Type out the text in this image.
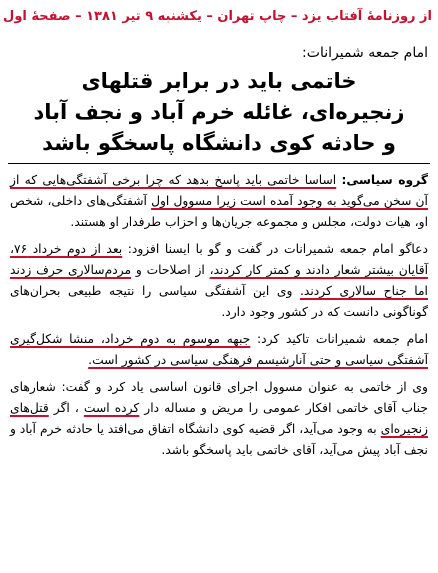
از روزنامهٔ آفتاب یزد – چاپ تهران – یکشنبه ۹ تیر ۱۳۸۱ – صفحهٔ اول
امام جمعه شمیرانات:
خاتمی باید در برابر قتلهای
زنجیره‌ای، غائله خرم آباد و نجف آباد
و حادثه کوی دانشگاه پاسخگو باشد

گروه سیاسی: اساسا خاتمی باید پاسخ بدهد که چرا برخی آشفتگی‌هایی که از آن سخن می‌گوید به وجود آمده است زیرا مسوول اول آشفتگی‌های داخلی، شخص او، هیات دولت، مجلس و مجموعه جریان‌ها و احزاب طرفدار او هستند.

دعاگو امام جمعه شمیرانات در گفت و گو با ایسنا افزود: بعد از دوم خرداد ۷۶، آقایان بیشتر شعار دادند و کمتر کار کردند، از اصلاحات و مردم‌سالاری حرف زدند اما جناح سالاری کردند. وی این آشفتگی سیاسی را نتیجه طبیعی بحران‌های گوناگونی دانست که در کشور وجود دارد.

امام جمعه شمیرانات تاکید کرد: جبهه موسوم به دوم خرداد، منشا شکل‌گیری آشفتگی سیاسی و حتی آنارشیسم فرهنگی سیاسی در کشور است.

وی از خاتمی به عنوان مسوول اجرای قانون اساسی یاد کرد و گفت: شعارهای جناب آقای خاتمی افکار عمومی را مریض و مساله دار کرده است ، اگر قتل‌های زنجیره‌ای به وجود می‌آید، اگر قضیه کوی دانشگاه اتفاق می‌افتد یا حادثه خرم آباد و نجف آباد پیش می‌آید، آقای خاتمی باید پاسخگو باشد.
